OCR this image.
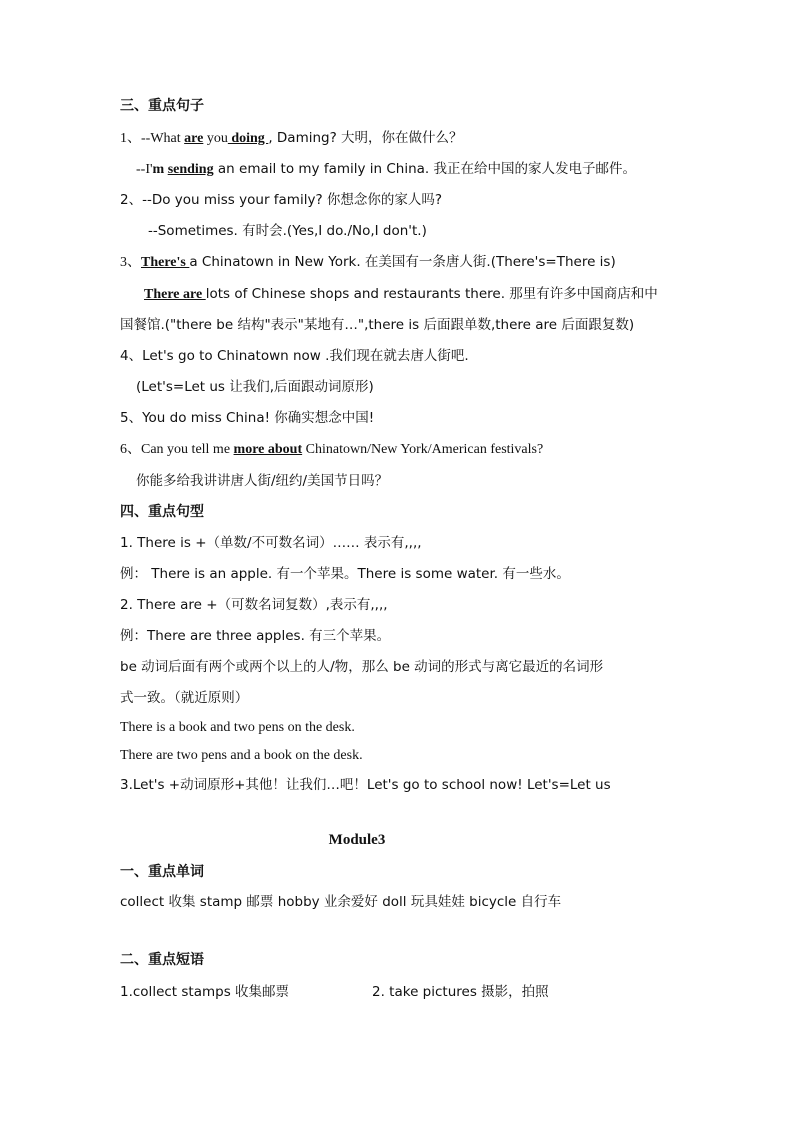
三、重点句子
1、--What are you doing , Daming? 大明，你在做什么？
--I'm sending an email to my family in China. 我正在给中国的家人发电子邮件。
2、--Do you miss your family? 你想念你的家人吗?
--Sometimes. 有时会.(Yes,I do./No,I don't.)
3、There's a Chinatown in New York. 在美国有一条唐人街.(There's=There is)
There are lots of Chinese shops and restaurants there. 那里有许多中国商店和中
国餐馆.("there be 结构"表示"某地有…",there is 后面跟单数,there are 后面跟复数)
4、Let's go to Chinatown now .我们现在就去唐人街吧.
(Let's=Let us 让我们,后面跟动词原形)
5、You do miss China! 你确实想念中国!
6、Can you tell me more about Chinatown/New York/American festivals?
你能多给我讲讲唐人街/纽约/美国节日吗？
四、重点句型
1. There is +（单数/不可数名词）…… 表示有,,,,
例： There is an apple. 有一个苹果。There is some water. 有一些水。
2. There are +（可数名词复数）,表示有,,,,
例：There are three apples. 有三个苹果。
be 动词后面有两个或两个以上的人/物，那么 be 动词的形式与离它最近的名词形
式一致。（就近原则）
There is a book and two pens on the desk.
There are two pens and a book on the desk.
3.Let's +动词原形+其他！让我们…吧！Let's go to school now! Let's=Let us
Module3
一、重点单词
collect 收集 stamp 邮票 hobby 业余爱好 doll 玩具娃娃 bicycle 自行车
二、重点短语
1.collect stamps 收集邮票	2. take pictures 摄影，拍照
